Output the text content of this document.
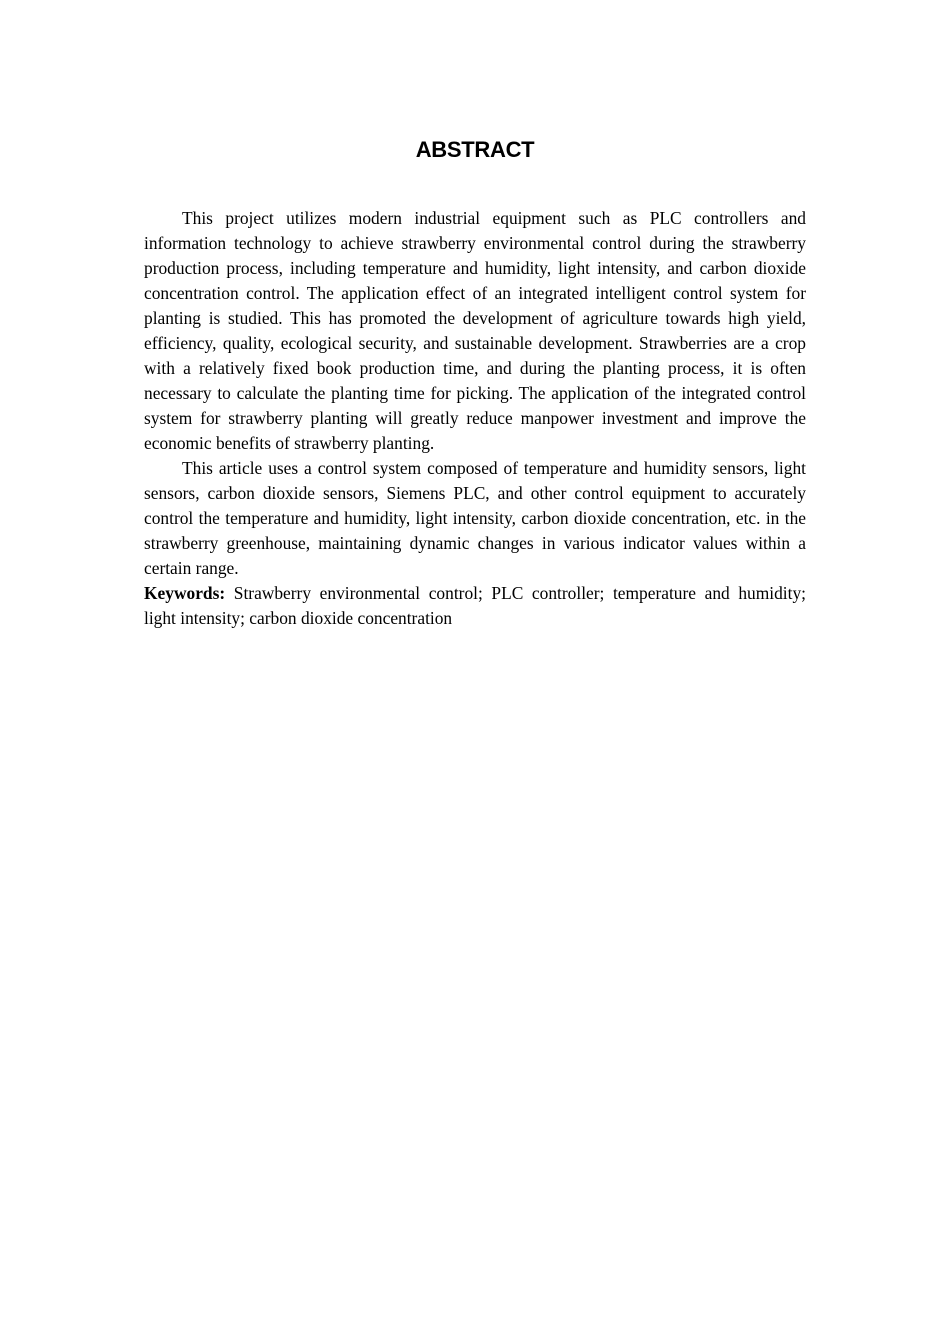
ABSTRACT

This project utilizes modern industrial equipment such as PLC controllers and information technology to achieve strawberry environmental control during the strawberry production process, including temperature and humidity, light intensity, and carbon dioxide concentration control. The application effect of an integrated intelligent control system for planting is studied. This has promoted the development of agriculture towards high yield, efficiency, quality, ecological security, and sustainable development. Strawberries are a crop with a relatively fixed book production time, and during the planting process, it is often necessary to calculate the planting time for picking. The application of the integrated control system for strawberry planting will greatly reduce manpower investment and improve the economic benefits of strawberry planting.

This article uses a control system composed of temperature and humidity sensors, light sensors, carbon dioxide sensors, Siemens PLC, and other control equipment to accurately control the temperature and humidity, light intensity, carbon dioxide concentration, etc. in the strawberry greenhouse, maintaining dynamic changes in various indicator values within a certain range.

Keywords: Strawberry environmental control; PLC controller; temperature and humidity; light intensity; carbon dioxide concentration
